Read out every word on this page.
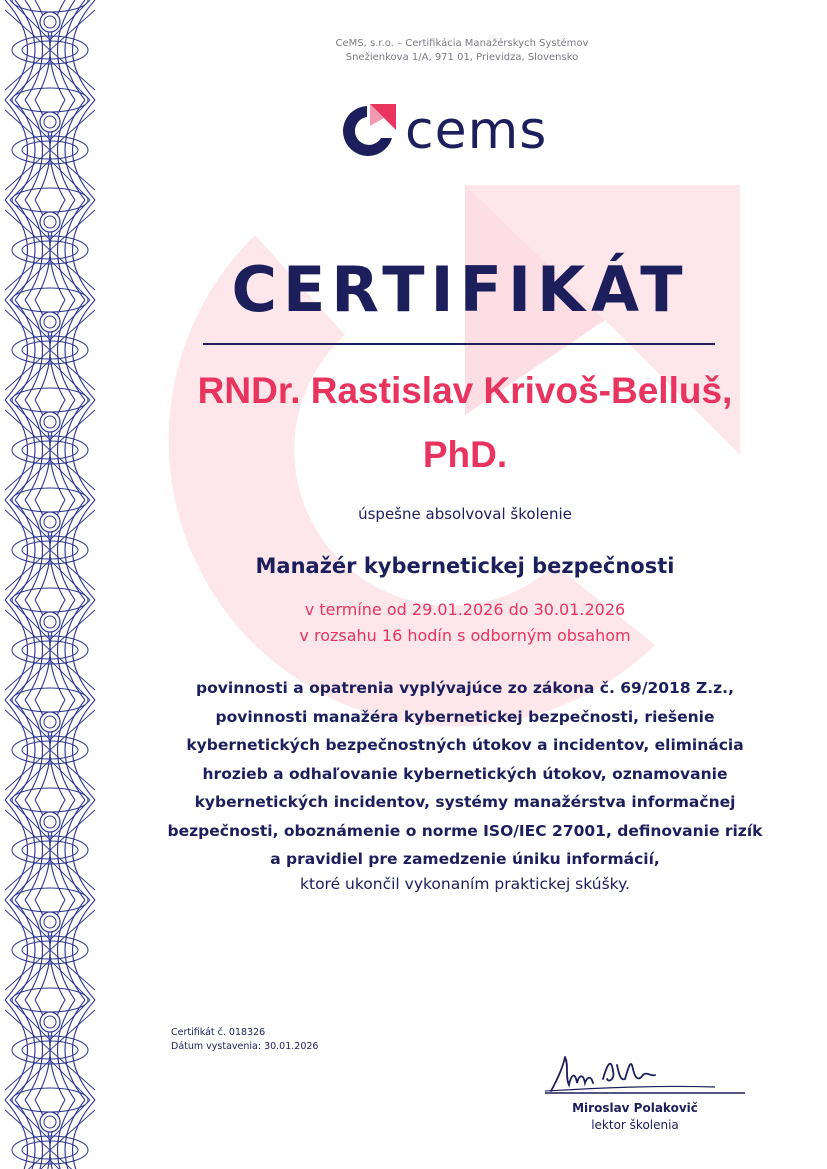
CeMS, s.r.o. – Certifikácia Manažérskych Systémov
Snežienkova 1/A, 971 01, Prievidza, Slovensko
cems
CERTIFIKÁT
RNDr. Rastislav Krivoš-Belluš,
PhD.
úspešne absolvoval školenie
Manažér kybernetickej bezpečnosti
v termíne od 29.01.2026 do 30.01.2026
v rozsahu 16 hodín s odborným obsahom
povinnosti a opatrenia vyplývajúce zo zákona č. 69/2018 Z.z.,
povinnosti manažéra kybernetickej bezpečnosti, riešenie
kybernetických bezpečnostných útokov a incidentov, eliminácia
hrozieb a odhaľovanie kybernetických útokov, oznamovanie
kybernetických incidentov, systémy manažérstva informačnej
bezpečnosti, oboznámenie o norme ISO/IEC 27001, definovanie rizík
a pravidiel pre zamedzenie úniku informácií,
ktoré ukončil vykonaním praktickej skúšky.
Certifikát č. 018326
Dátum vystavenia: 30.01.2026
Miroslav Polakovič
lektor školenia
